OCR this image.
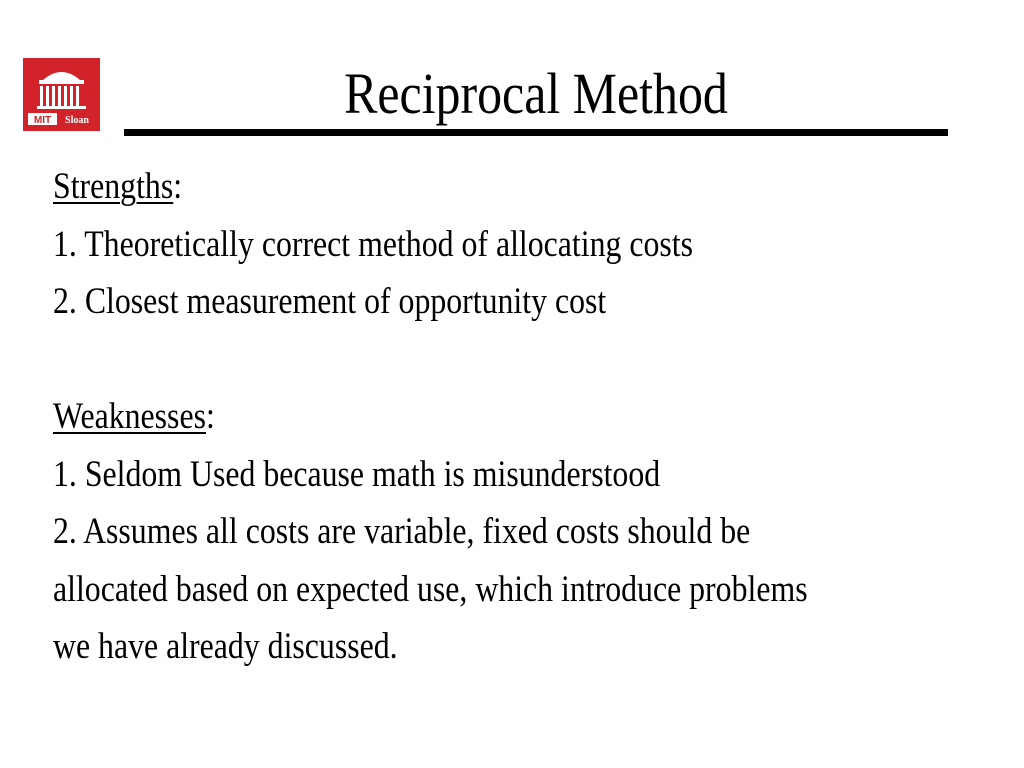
MIT Sloan	Reciprocal Method
Strengths:
1. Theoretically correct method of allocating costs
2. Closest measurement of opportunity cost
Weaknesses:
1. Seldom Used because math is misunderstood
2. Assumes all costs are variable, fixed costs should be
allocated based on expected use, which introduce problems
we have already discussed.
